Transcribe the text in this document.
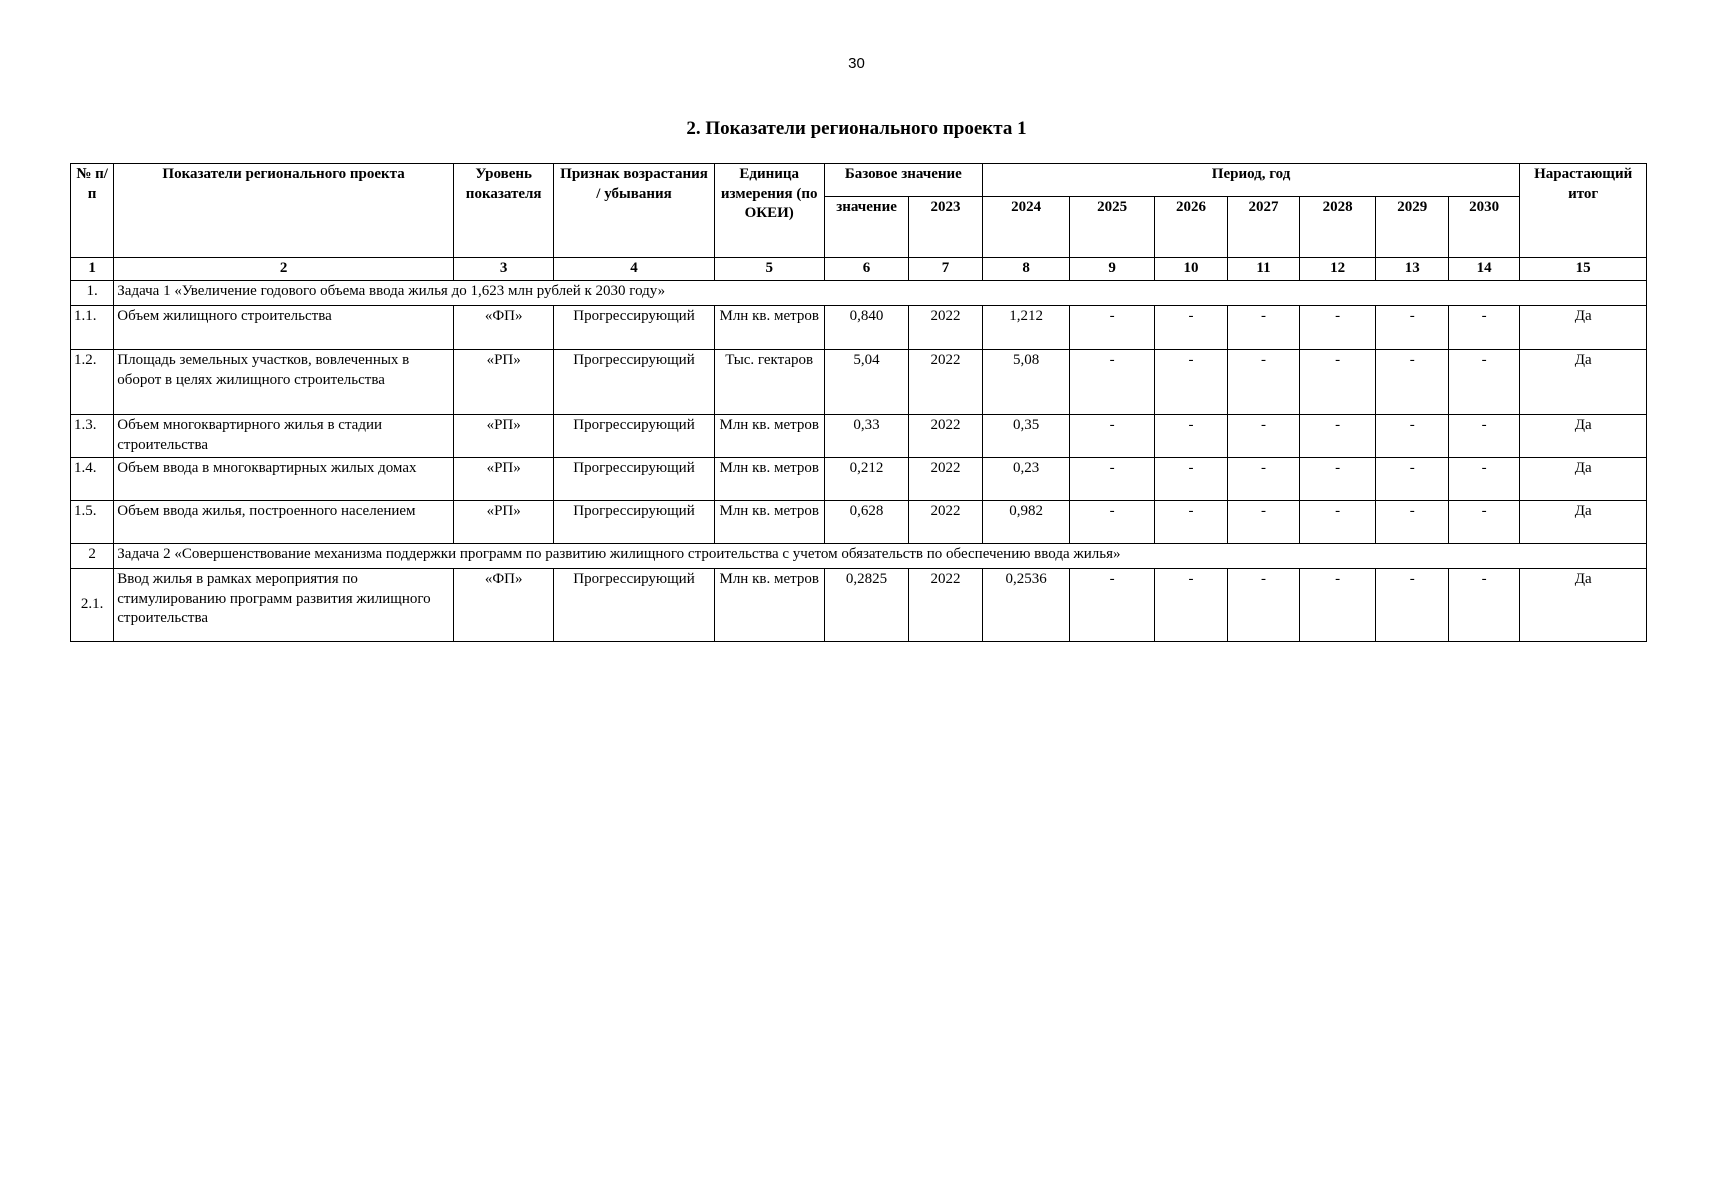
30
2. Показатели регионального проекта 1
№ п/п	Показатели регионального проекта	Уровень показателя	Признак возрастания / убывания	Единица измерения (по ОКЕИ)	Базовое значение		Период, год							Нарастающий итог
					значение	2023	2024	2025	2026	2027	2028	2029	2030	
1	2	3	4	5	6	7	8	9	10	11	12	13	14	15
1.	Задача 1 «Увеличение годового объема ввода жилья до 1,623 млн рублей к 2030 году»													
1.1.	Объем жилищного строительства	«ФП»	Прогрессирующий	Млн кв. метров	0,840	2022	1,212	-	-	-	-	-	-	Да
1.2.	Площадь земельных участков, вовлеченных в оборот в целях жилищного строительства	«РП»	Прогрессирующий	Тыс. гектаров	5,04	2022	5,08	-	-	-	-	-	-	Да
1.3.	Объем многоквартирного жилья в стадии строительства	«РП»	Прогрессирующий	Млн кв. метров	0,33	2022	0,35	-	-	-	-	-	-	Да
1.4.	Объем ввода в многоквартирных жилых домах	«РП»	Прогрессирующий	Млн кв. метров	0,212	2022	0,23	-	-	-	-	-	-	Да
1.5.	Объем ввода жилья, построенного населением	«РП»	Прогрессирующий	Млн кв. метров	0,628	2022	0,982	-	-	-	-	-	-	Да
2	Задача 2 «Совершенствование механизма поддержки программ по развитию жилищного строительства с учетом обязательств по обеспечению ввода жилья»													
2.1.	Ввод жилья в рамках мероприятия по стимулированию программ развития жилищного строительства	«ФП»	Прогрессирующий	Млн кв. метров	0,2825	2022	0,2536	-	-	-	-	-	-	Да
